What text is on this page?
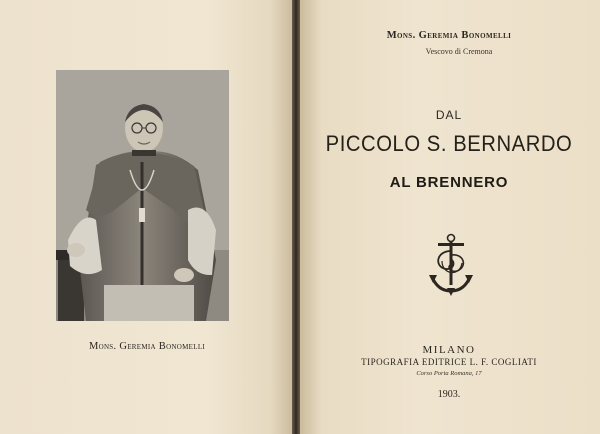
Mons. Geremia Bonomelli
Mons. Geremia Bonomelli
Vescovo di Cremona
DAL
PICCOLO S. BERNARDO
AL BRENNERO
MILANO
TIPOGRAFIA EDITRICE L. F. COGLIATI
Corso Porta Romana, 17
1903.
